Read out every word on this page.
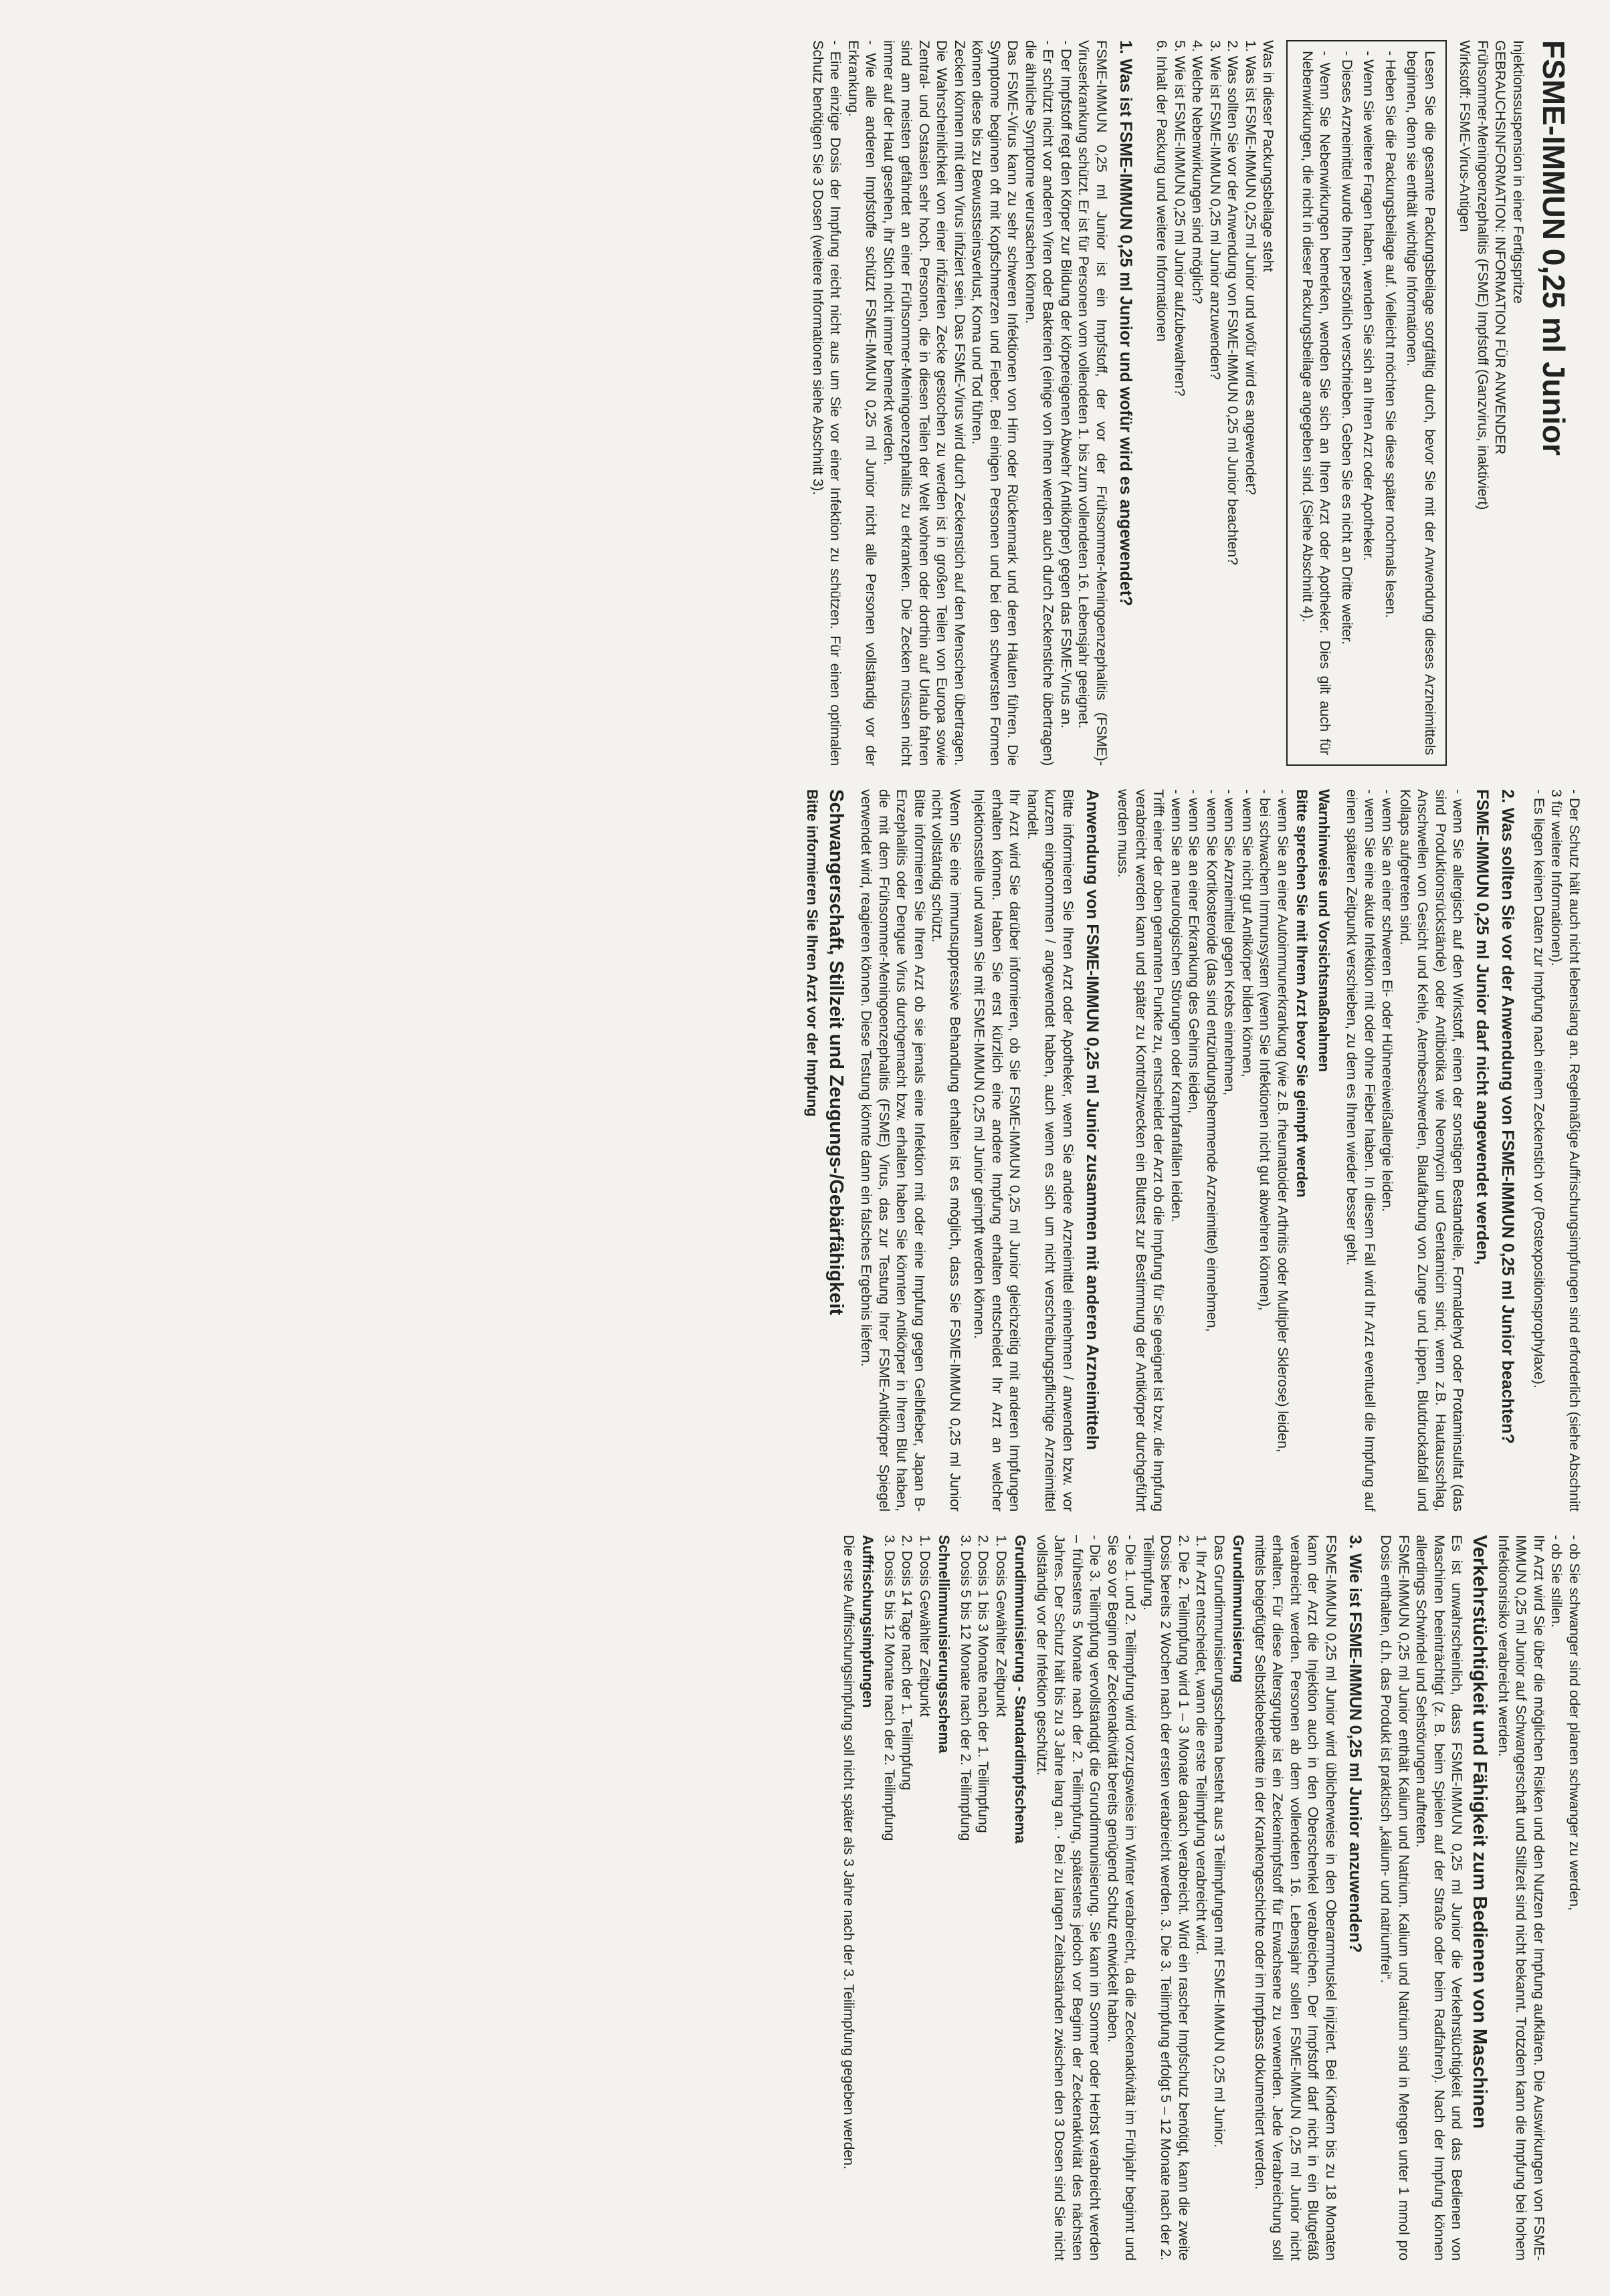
FSME-IMMUN 0,25 ml Junior
Injektionssuspension in einer Fertigspritze
GEBRAUCHSINFORMATION: INFORMATION FÜR ANWENDER
Frühsommer-Meningoenzephalitis (FSME) Impfstoff (Ganzvirus, inaktiviert)
Wirkstoff: FSME-Virus-Antigen

Lesen Sie die gesamte Packungsbeilage sorgfältig durch, bevor Sie mit der Anwendung dieses Arzneimittels beginnen, denn sie enthält wichtige Informationen.

- Heben Sie die Packungsbeilage auf. Vielleicht möchten Sie diese später nochmals lesen.

- Wenn Sie weitere Fragen haben, wenden Sie sich an Ihren Arzt oder Apotheker.

- Dieses Arzneimittel wurde Ihnen persönlich verschrieben. Geben Sie es nicht an Dritte weiter.

- Wenn Sie Nebenwirkungen bemerken, wenden Sie sich an Ihren Arzt oder Apotheker. Dies gilt auch für Nebenwirkungen, die nicht in dieser Packungsbeilage angegeben sind. (Siehe Abschnitt 4).

Was in dieser Packungsbeilage steht
1. Was ist FSME-IMMUN 0,25 ml Junior und wofür wird es angewendet?
2. Was sollten Sie vor der Anwendung von FSME-IMMUN 0,25 ml Junior beachten?
3. Wie ist FSME-IMMUN 0,25 ml Junior anzuwenden?
4. Welche Nebenwirkungen sind möglich?
5. Wie ist FSME-IMMUN 0,25 ml Junior aufzubewahren?
6. Inhalt der Packung und weitere Informationen
1. Was ist FSME-IMMUN 0,25 ml Junior und wofür wird es angewendet?

FSME-IMMUN 0,25 ml Junior ist ein Impfstoff, der vor der Frühsommer-Meningoenzephalitis (FSME)-Viruserkrankung schützt. Er ist für Personen vom vollendeten 1. bis zum vollendeten 16. Lebensjahr geeignet.

- Der Impfstoff regt den Körper zur Bildung der körpereigenen Abwehr (Antikörper) gegen das FSME-Virus an.

- Er schützt nicht vor anderen Viren oder Bakterien (einige von ihnen werden auch durch Zeckenstiche übertragen) die ähnliche Symptome verursachen können.

Das FSME-Virus kann zu sehr schweren Infektionen von Hirn oder Rückenmark und deren Häuten führen. Die Symptome beginnen oft mit Kopfschmerzen und Fieber. Bei einigen Personen und bei den schwersten Formen können diese bis zu Bewusstseinsverlust, Koma und Tod führen.

Zecken können mit dem Virus infiziert sein. Das FSME-Virus wird durch Zeckenstich auf den Menschen übertragen. Die Wahrscheinlichkeit von einer infizierten Zecke gestochen zu werden ist in großen Teilen von Europa sowie Zentral- und Ostasien sehr hoch. Personen, die in diesen Teilen der Welt wohnen oder dorthin auf Urlaub fahren sind am meisten gefährdet an einer Frühsommer-Meningoenzephalitis zu erkranken. Die Zecken müssen nicht immer auf der Haut gesehen, ihr Stich nicht immer bemerkt werden.

- Wie alle anderen Impfstoffe schützt FSME-IMMUN 0,25 ml Junior nicht alle Personen vollständig vor der Erkrankung.

- Eine einzige Dosis der Impfung reicht nicht aus um Sie vor einer Infektion zu schützen. Für einen optimalen Schutz benötigen Sie 3 Dosen (weitere Informationen siehe Abschnitt 3).

- Der Schutz hält auch nicht lebenslang an. Regelmäßige Auffrischungsimpfungen sind erforderlich (siehe Abschnitt 3 für weitere Informationen).

- Es liegen keinen Daten zur Impfung nach einem Zeckenstich vor (Postexpositionsprophylaxe).

2. Was sollten Sie vor der Anwendung von FSME-IMMUN 0,25 ml Junior beachten?
FSME-IMMUN 0,25 ml Junior darf nicht angewendet werden,

- wenn Sie allergisch auf den Wirkstoff, einen der sonstigen Bestandteile, Formaldehyd oder Protaminsulfat (das sind Produktionsrückstände) oder Antibiotika wie Neomycin und Gentamicin sind; wenn z.B. Hautausschlag, Anschwellen von Gesicht und Kehle, Atembeschwerden, Blaufärbung von Zunge und Lippen, Blutdruckabfall und Kollaps aufgetreten sind.

- wenn Sie an einer schweren Ei- oder Hühnereiweißallergie leiden.

- wenn Sie eine akute Infektion mit oder ohne Fieber haben. In diesem Fall wird Ihr Arzt eventuell die Impfung auf einen späteren Zeitpunkt verschieben, zu dem es Ihnen wieder besser geht.

Warnhinweise und Vorsichtsmaßnahmen
Bitte sprechen Sie mit Ihrem Arzt bevor Sie geimpft werden

- wenn Sie an einer Autoimmunerkrankung (wie z.B. rheumatoider Arthritis oder Multipler Sklerose) leiden,

- bei schwachem Immunsystem (wenn Sie Infektionen nicht gut abwehren können),

- wenn Sie nicht gut Antikörper bilden können,

- wenn Sie Arzneimittel gegen Krebs einnehmen,

- wenn Sie Kortikosteroide (das sind entzündungshemmende Arzneimittel) einnehmen,

- wenn Sie an einer Erkrankung des Gehirns leiden,

- wenn Sie an neurologischen Störungen oder Krampfanfällen leiden.

Trifft einer der oben genannten Punkte zu, entscheidet der Arzt ob die Impfung für Sie geeignet ist bzw. die Impfung verabreicht werden kann und später zu Kontrollzwecken ein Bluttest zur Bestimmung der Antikörper durchgeführt werden muss.

Anwendung von FSME-IMMUN 0,25 ml Junior zusammen mit anderen Arzneimitteln

Bitte informieren Sie Ihren Arzt oder Apotheker, wenn Sie andere Arzneimittel einnehmen / anwenden bzw. vor kurzem eingenommen / angewendet haben, auch wenn es sich um nicht verschreibungspflichtige Arzneimittel handelt.

Ihr Arzt wird Sie darüber informieren, ob Sie FSME-IMMUN 0,25 ml Junior gleichzeitig mit anderen Impfungen erhalten können. Haben Sie erst kürzlich eine andere Impfung erhalten entscheidet Ihr Arzt an welcher Injektionsstelle und wann Sie mit FSME-IMMUN 0,25 ml Junior geimpft werden können.

Wenn Sie eine immunsuppressive Behandlung erhalten ist es möglich, dass Sie FSME-IMMUN 0,25 ml Junior nicht vollständig schützt.

Bitte informieren Sie Ihren Arzt ob sie jemals eine Infektion mit oder eine Impfung gegen Gelbfieber, Japan B-Enzephalitis oder Dengue Virus durchgemacht bzw. erhalten haben Sie könnten Antikörper in Ihrem Blut haben, die mit dem Frühsommer-Meningoenzephalitis (FSME) Virus, das zur Testung Ihrer FSME-Antikörper Spiegel verwendet wird, reagieren können. Diese Testung könnte dann ein falsches Ergebnis liefern.

Schwangerschaft, Stillzeit und Zeugungs-/Gebärfähigkeit
Bitte informieren Sie Ihren Arzt vor der Impfung
- ob Sie schwanger sind oder planen schwanger zu werden,
- ob Sie stillen.

Ihr Arzt wird Sie über die möglichen Risiken und den Nutzen der Impfung aufklären. Die Auswirkungen von FSME-IMMUN 0,25 ml Junior auf Schwangerschaft und Stillzeit sind nicht bekannt. Trotzdem kann die Impfung bei hohem Infektionsrisiko verabreicht werden.

Verkehrstüchtigkeit und Fähigkeit zum Bedienen von Maschinen

Es ist unwahrscheinlich, dass FSME-IMMUN 0,25 ml Junior die Verkehrstüchtigkeit und das Bedienen von Maschinen beeinträchtigt (z. B. beim Spielen auf der Straße oder beim Radfahren). Nach der Impfung können allerdings Schwindel und Sehstörungen auftreten.

FSME-IMMUN 0,25 ml Junior enthält Kalium und Natrium. Kalium und Natrium sind in Mengen unter 1 mmol pro Dosis enthalten, d.h. das Produkt ist praktisch „kalium- und natriumfrei“.

3. Wie ist FSME-IMMUN 0,25 ml Junior anzuwenden?

FSME-IMMUN 0,25 ml Junior wird üblicherweise in den Oberarmmuskel injiziert. Bei Kindern bis zu 18 Monaten kann der Arzt die Injektion auch in den Oberschenkel verabreichen. Der Impfstoff darf nicht in ein Blutgefäß verabreicht werden. Personen ab dem vollendeten 16. Lebensjahr sollen FSME-IMMUN 0,25 ml Junior nicht erhalten. Für diese Altersgruppe ist ein Zeckenimpfstoff für Erwachsene zu verwenden. Jede Verabreichung soll mittels beigefügter Selbstklebeetikette in der Krankengeschichte oder im Impfpass dokumentiert werden.

Grundimmunisierung

Das Grundimmunisierungsschema besteht aus 3 Teilimpfungen mit FSME-IMMUN 0,25 ml Junior.

1. Ihr Arzt entscheidet, wann die erste Teilimpfung verabreicht wird.

2. Die 2. Teilimpfung wird 1 – 3 Monate danach verabreicht. Wird ein rascher Impfschutz benötigt, kann die zweite Dosis bereits 2 Wochen nach der ersten verabreicht werden. 3. Die 3. Teilimpfung erfolgt 5 – 12 Monate nach der 2. Teilimpfung.

- Die 1. und 2. Teilimpfung wird vorzugsweise im Winter verabreicht, da die Zeckenaktivität im Frühjahr beginnt und Sie so vor Beginn der Zeckenaktivität bereits genügend Schutz entwickelt haben.

- Die 3. Teilimpfung vervollständigt die Grundimmunisierung. Sie kann im Sommer oder Herbst verabreicht werden – frühestens 5 Monate nach der 2. Teilimpfung, spätestens jedoch vor Beginn der Zeckenaktivität des nächsten Jahres. Der Schutz hält bis zu 3 Jahre lang an. · Bei zu langen Zeitabständen zwischen den 3 Dosen sind Sie nicht vollständig vor der Infektion geschützt.

Grundimmunisierung - Standardimpfschema
1. Dosis Gewählter Zeitpunkt
2. Dosis 1 bis 3 Monate nach der 1. Teilimpfung
3. Dosis 5 bis 12 Monate nach der 2. Teilimpfung
Schnellimmunisierungsschema
1. Dosis Gewählter Zeitpunkt
2. Dosis 14 Tage nach der 1. Teilimpfung
3. Dosis 5 bis 12 Monate nach der 2. Teilimpfung
Auffrischungsimpfungen

Die erste Auffrischungsimpfung soll nicht später als 3 Jahre nach der 3. Teilimpfung gegeben werden.
